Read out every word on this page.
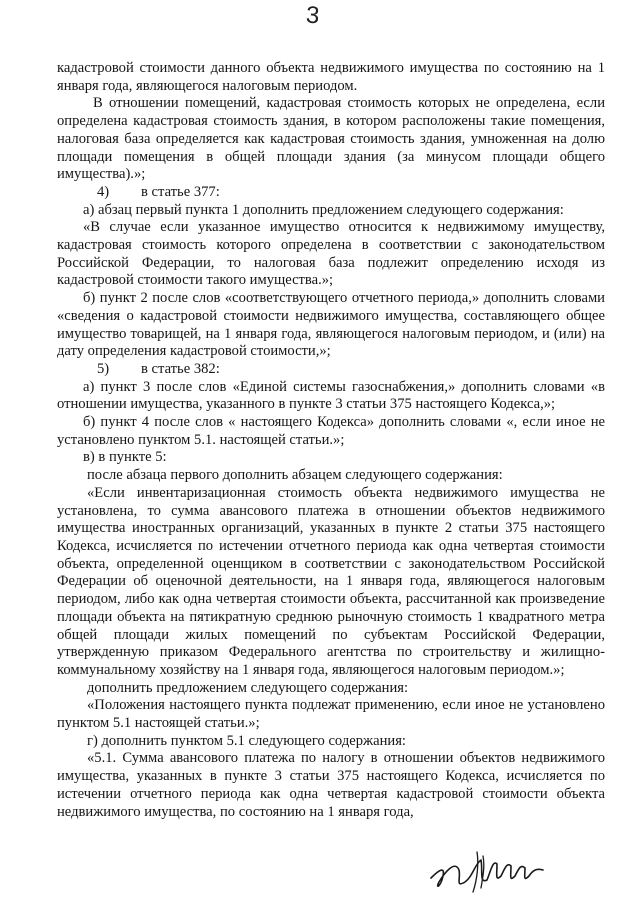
3

кадастровой стоимости данного объекта недвижимого имущества по состоянию на 1 января года, являющегося налоговым периодом.

В отношении помещений, кадастровая стоимость которых не определена, если определена кадастровая стоимость здания, в котором расположены такие помещения, налоговая база определяется как кадастровая стоимость здания, умноженная на долю площади помещения в общей площади здания (за минусом площади общего имущества).»;

4) в статье 377:

а) абзац первый пункта 1 дополнить предложением следующего содержания:

«В случае если указанное имущество относится к недвижимому имуществу, кадастровая стоимость которого определена в соответствии с законодательством Российской Федерации, то налоговая база подлежит определению исходя из кадастровой стоимости такого имущества.»;

б) пункт 2 после слов «соответствующего отчетного периода,» дополнить словами «сведения о кадастровой стоимости недвижимого имущества, составляющего общее имущество товарищей, на 1 января года, являющегося налоговым периодом, и (или) на дату определения кадастровой стоимости,»;

5) в статье 382:

а) пункт 3 после слов «Единой системы газоснабжения,» дополнить словами «в отношении имущества, указанного в пункте 3 статьи 375 настоящего Кодекса,»;

б) пункт 4 после слов « настоящего Кодекса» дополнить словами «, если иное не установлено пунктом 5.1. настоящей статьи.»;

в) в пункте 5:

после абзаца первого дополнить абзацем следующего содержания:

«Если инвентаризационная стоимость объекта недвижимого имущества не установлена, то сумма авансового платежа в отношении объектов недвижимого имущества иностранных организаций, указанных в пункте 2 статьи 375 настоящего Кодекса, исчисляется по истечении отчетного периода как одна четвертая стоимости объекта, определенной оценщиком в соответствии с законодательством Российской Федерации об оценочной деятельности, на 1 января года, являющегося налоговым периодом, либо как одна четвертая стоимости объекта, рассчитанной как произведение площади объекта на пятикратную среднюю рыночную стоимость 1 квадратного метра общей площади жилых помещений по субъектам Российской Федерации, утвержденную приказом Федерального агентства по строительству и жилищно-коммунальному хозяйству на 1 января года, являющегося налоговым периодом.»;

дополнить предложением следующего содержания:

«Положения настоящего пункта подлежат применению, если иное не установлено пунктом 5.1 настоящей статьи.»;

г) дополнить пунктом 5.1 следующего содержания:

«5.1. Сумма авансового платежа по налогу в отношении объектов недвижимого имущества, указанных в пункте 3 статьи 375 настоящего Кодекса, исчисляется по истечении отчетного периода как одна четвертая кадастровой стоимости объекта недвижимого имущества, по состоянию на 1 января года,
